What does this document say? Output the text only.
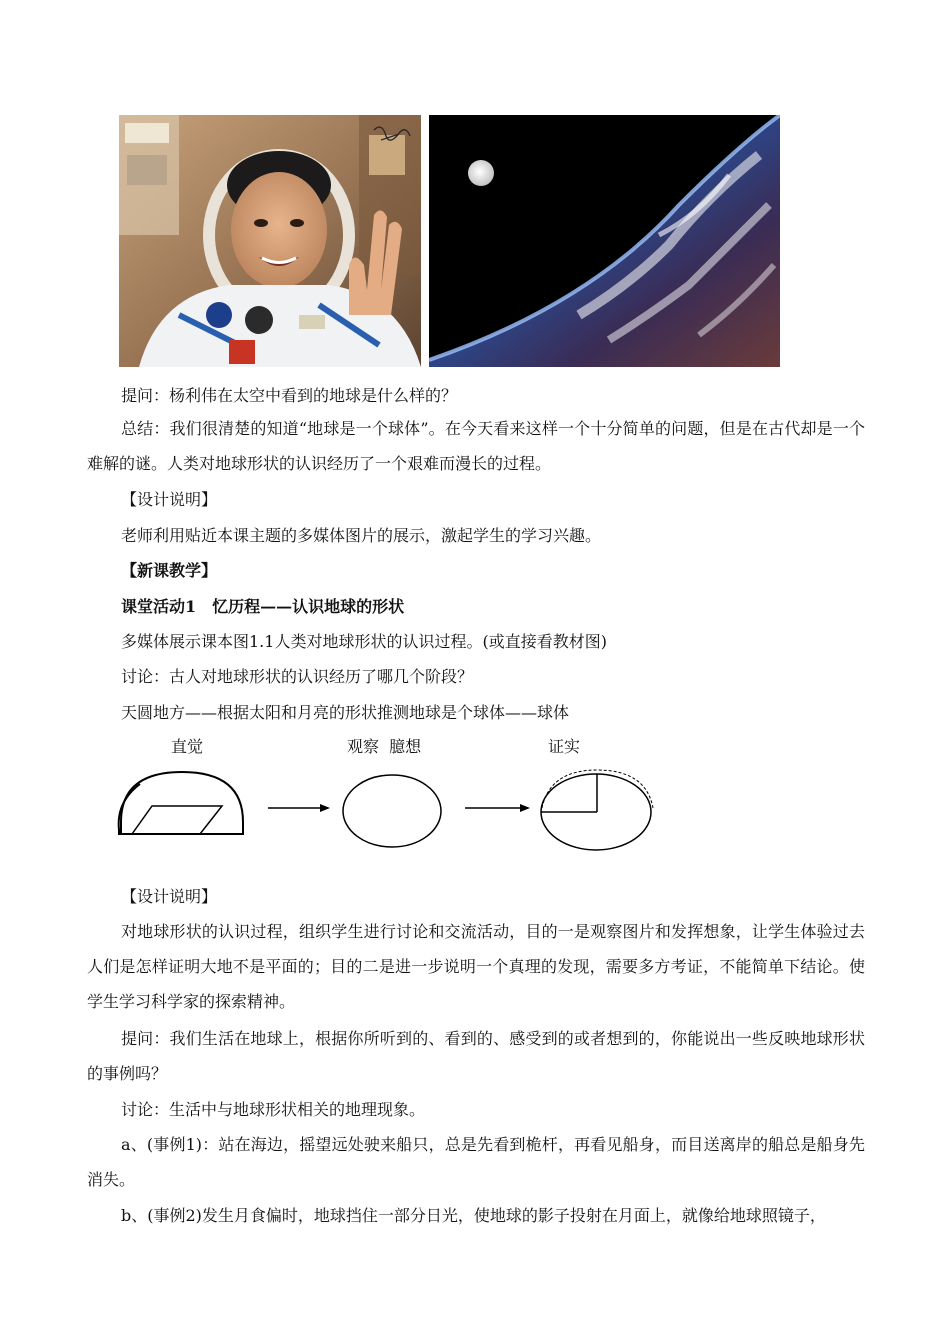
提问：杨利伟在太空中看到的地球是什么样的？

总结：我们很清楚的知道“地球是一个球体”。在今天看来这样一个十分简单的问题，但是在古代却是一个难解的谜。人类对地球形状的认识经历了一个艰难而漫长的过程。

【设计说明】

老师利用贴近本课主题的多媒体图片的展示，激起学生的学习兴趣。

【新课教学】

课堂活动1　忆历程——认识地球的形状

多媒体展示课本图1.1人类对地球形状的认识过程。(或直接看教材图)

讨论：古人对地球形状的认识经历了哪几个阶段？

天圆地方——根据太阳和月亮的形状推测地球是个球体——球体

直觉	观察  臆想	证实

【设计说明】

对地球形状的认识过程，组织学生进行讨论和交流活动，目的一是观察图片和发挥想象，让学生体验过去人们是怎样证明大地不是平面的；目的二是进一步说明一个真理的发现，需要多方考证，不能简单下结论。使学生学习科学家的探索精神。

提问：我们生活在地球上，根据你所听到的、看到的、感受到的或者想到的，你能说出一些反映地球形状的事例吗？

讨论：生活中与地球形状相关的地理现象。

a、(事例1)：站在海边，摇望远处驶来船只，总是先看到桅杆，再看见船身，而目送离岸的船总是船身先消失。

b、(事例2)发生月食偏时，地球挡住一部分日光，使地球的影子投射在月面上，就像给地球照镜子，
